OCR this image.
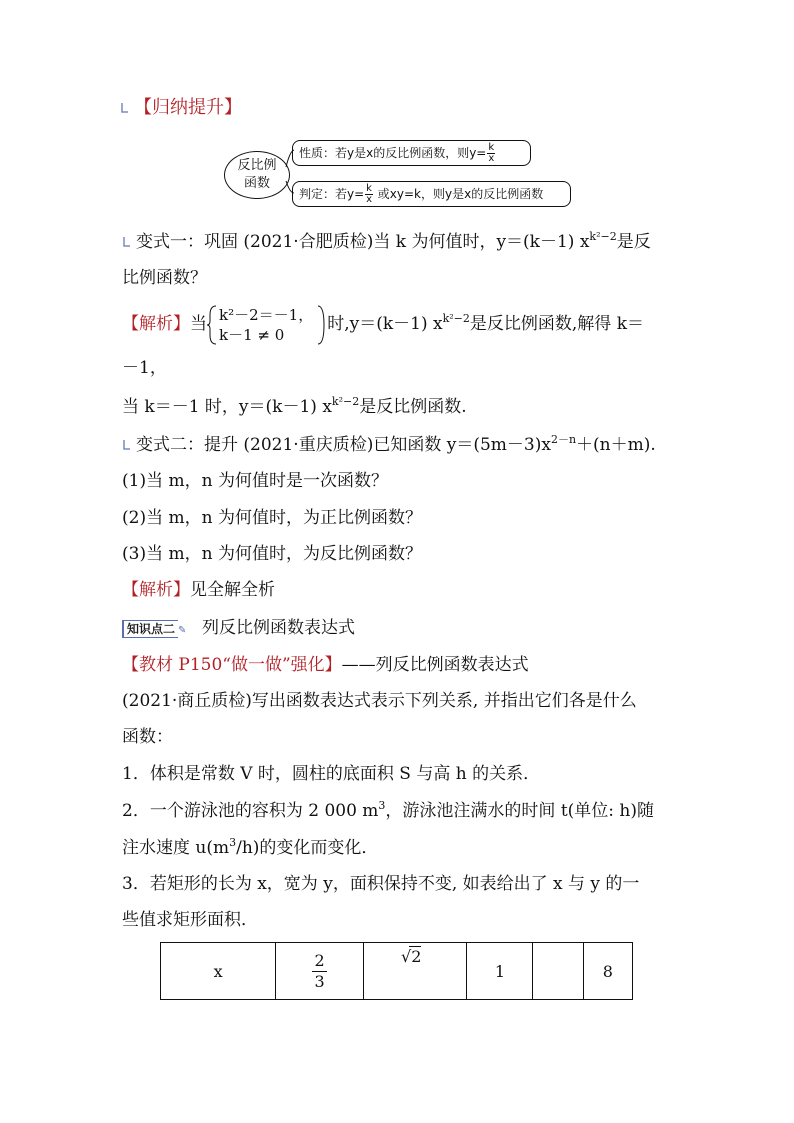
【归纳提升】
反比例
函数
性质：若y是x的反比例函数，则$y= \frac{k}{x}$
判定：若$y= \frac{k}{x}$ 或xy=k，则y是x的反比例函数
变式一：巩固 (2021·合肥质检)当 k 为何值时，y＝(k－1) $x^{k^2-2}$是反
比例函数？
【解析】当 k²－2＝－1，
k－1 ≠ 0
时,y＝(k－1) $x^{k^2-2}$是反比例函数,解得 k＝
－1，
当 k＝－1 时，y＝(k－1) $x^{k^2-2}$是反比例函数.
变式二：提升 (2021·重庆质检)已知函数 $y=(5m-3)x^{2-n}+(n+m)$.
(1)当 m，n 为何值时是一次函数？
(2)当 m，n 为何值时，为正比例函数？
(3)当 m，n 为何值时，为反比例函数？
【解析】见全解全析
知识点二 ✎ 列反比例函数表达式
【教材 P150“做一做”强化】——列反比例函数表达式
(2021·商丘质检)写出函数表达式表示下列关系, 并指出它们各是什么
函数：
1．体积是常数 V 时，圆柱的底面积 S 与高 h 的关系．
2．一个游泳池的容积为 2 000 $m^3$，游泳池注满水的时间 t(单位: h)随
注水速度 $u(m^3/h)$的变化而变化．
3．若矩形的长为 x，宽为 y，面积保持不变, 如表给出了 x 与 y 的一
些值求矩形面积．
x	$\frac{2}{3}$	√2	1		8
